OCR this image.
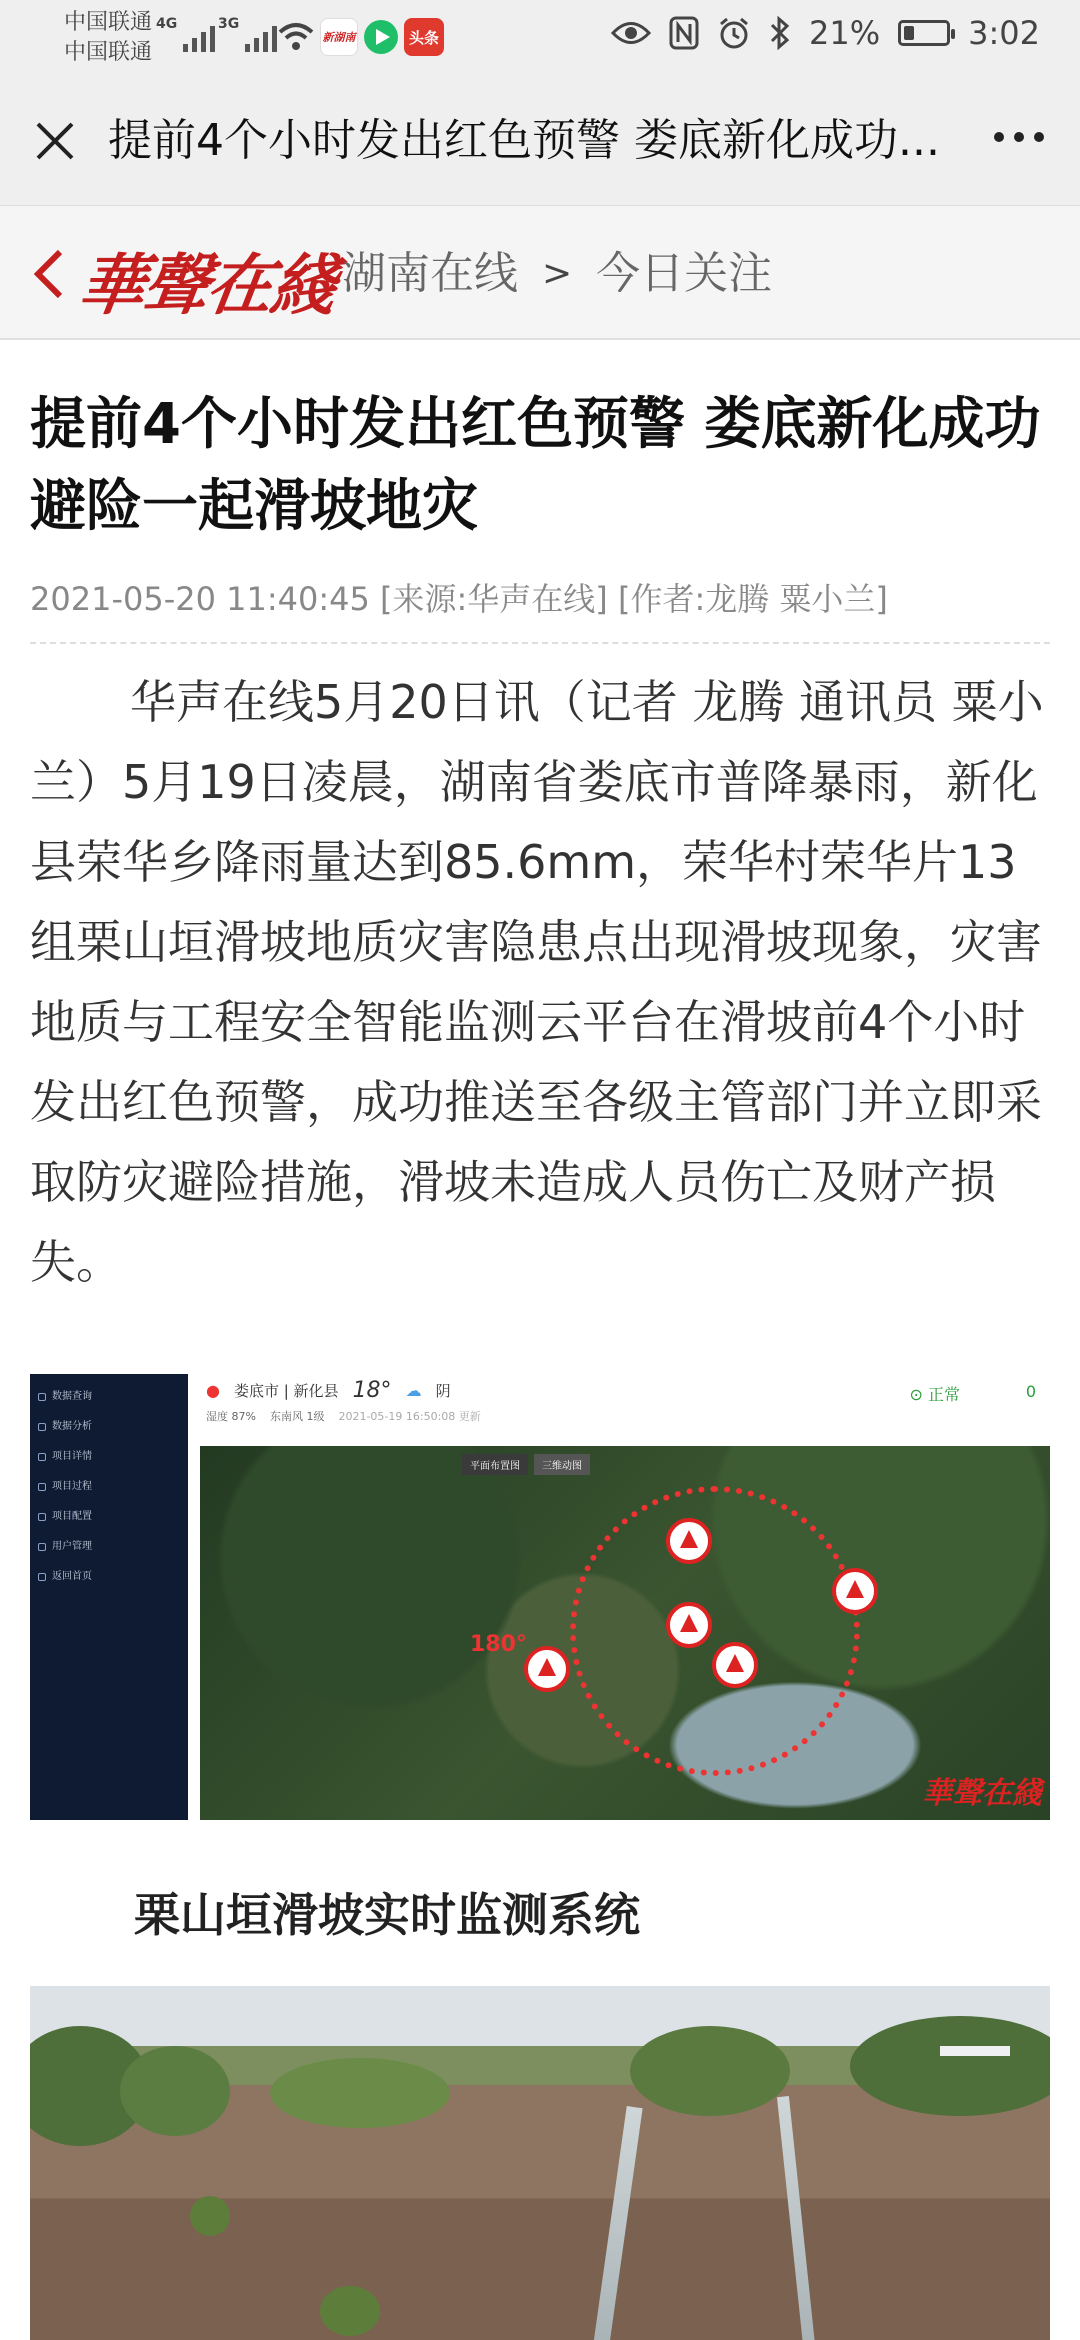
中国联通
中国联通
4G	3G
新湖南	头条	21%	3:02
提前4个小时发出红色预警 娄底新化成功...
華聲在綫 湖南在线 > 今日关注
提前4个小时发出红色预警 娄底新化成功避险一起滑坡地灾
2021-05-20 11:40:45 [来源:华声在线] [作者:龙腾 粟小兰]

华声在线5月20日讯（记者 龙腾 通讯员 粟小兰）5月19日凌晨，湖南省娄底市普降暴雨，新化县荣华乡降雨量达到85.6mm，荣华村荣华片13组栗山垣滑坡地质灾害隐患点出现滑坡现象，灾害地质与工程安全智能监测云平台在滑坡前4个小时发出红色预警，成功推送至各级主管部门并立即采取防灾避险措施，滑坡未造成人员伤亡及财产损失。

数据查询
数据分析
项目详情
项目过程
项目配置
用户管理
返回首页
● 娄底市 | 新化县 18° ☁ 阴
湿度 87% 东南风 1级 2021-05-19 16:50:08 更新
⊙ 正常	0
平面布置图	三维动图
180°
華聲在綫
栗山垣滑坡实时监测系统
